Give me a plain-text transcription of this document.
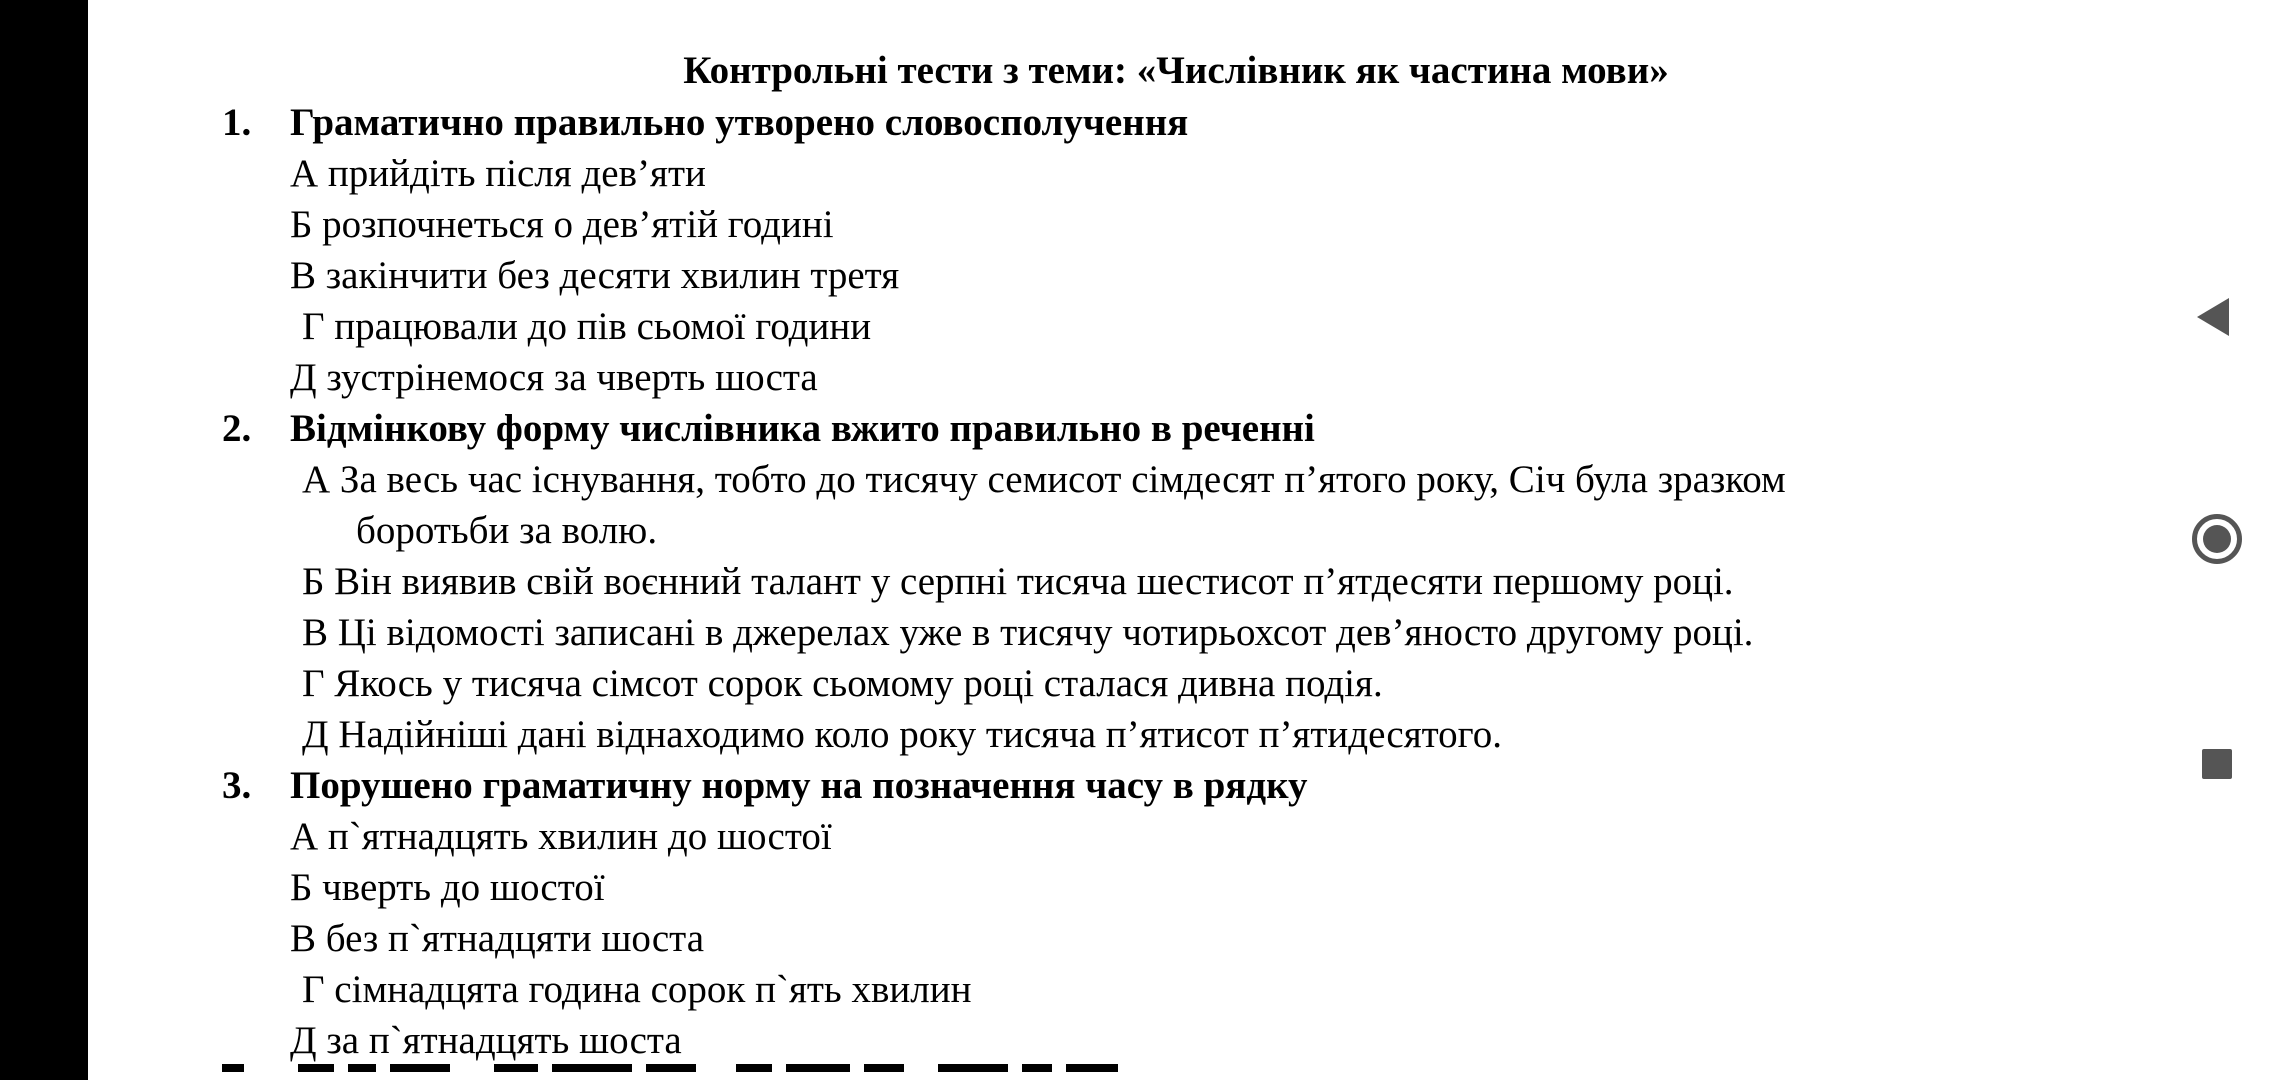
Контрольні тести з теми: «Числівник як частина мови»
1. Граматично правильно утворено словосполучення
А прийдіть після дев’яти
Б розпочнеться о дев’ятій годині
В закінчити без десяти хвилин третя
Г працювали до пів сьомої години
Д зустрінемося за чверть шоста
2. Відмінкову форму числівника вжито правильно в реченні
А За весь час існування, тобто до тисячу семисот сімдесят п’ятого року, Січ була зразком
боротьби за волю.
Б Він виявив свій воєнний талант у серпні тисяча шестисот п’ятдесяти першому році.
В Ці відомості записані в джерелах уже в тисячу чотирьохсот дев’яносто другому році.
Г Якось у тисяча сімсот сорок сьомому році сталася дивна подія.
Д Надійніші дані віднаходимо коло року тисяча п’ятисот п’ятидесятого.
3. Порушено граматичну норму на позначення часу в рядку
А п`ятнадцять хвилин до шостої
Б чверть до шостої
В без п`ятнадцяти шоста
Г сімнадцята година сорок п`ять хвилин
Д за п`ятнадцять шоста
